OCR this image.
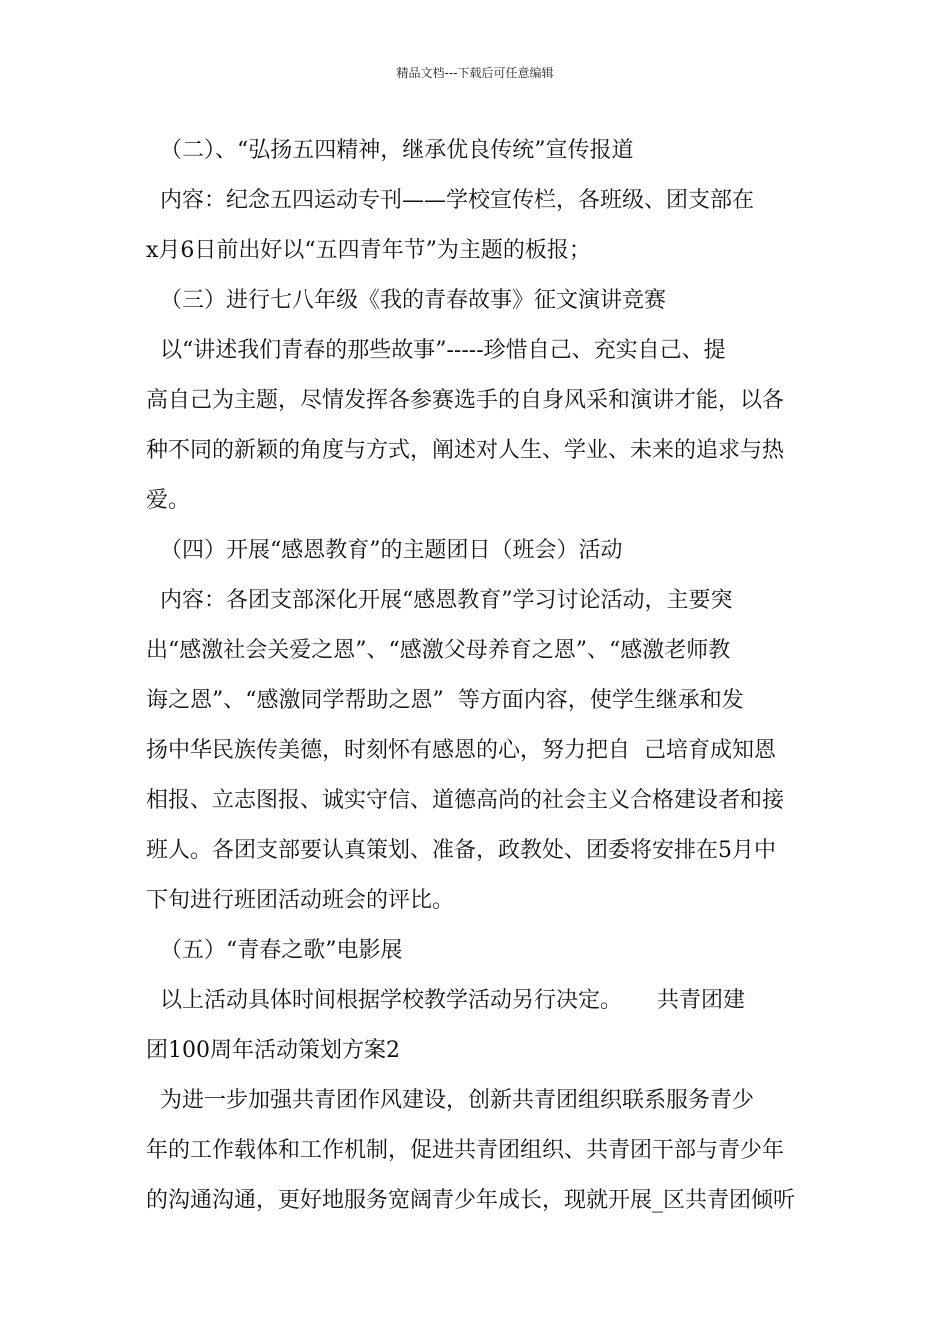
精品文档---下载后可任意编辑
（二）、“弘扬五四精神，继承优良传统”宣传报道
内容：纪念五四运动专刊——学校宣传栏，各班级、团支部在
x月6日前出好以“五四青年节”为主题的板报；
（三）进行七八年级《我的青春故事》征文演讲竞赛
以“讲述我们青春的那些故事”-----珍惜自己、充实自己、提
高自己为主题，尽情发挥各参赛选手的自身风采和演讲才能，以各
种不同的新颖的角度与方式，阐述对人生、学业、未来的追求与热
爱。
（四）开展“感恩教育”的主题团日（班会）活动
内容：各团支部深化开展“感恩教育”学习讨论活动，主要突
出“感激社会关爱之恩”、“感激父母养育之恩”、“感激老师教
诲之恩”、“感激同学帮助之恩”  等方面内容，使学生继承和发
扬中华民族传美德，时刻怀有感恩的心，努力把自  己培育成知恩
相报、立志图报、诚实守信、道德高尚的社会主义合格建设者和接
班人。各团支部要认真策划、准备，政教处、团委将安排在5月中
下旬进行班团活动班会的评比。
（五）“青春之歌”电影展
以上活动具体时间根据学校教学活动另行决定。     共青团建
团100周年活动策划方案2
为进一步加强共青团作风建设，创新共青团组织联系服务青少
年的工作载体和工作机制，促进共青团组织、共青团干部与青少年
的沟通沟通，更好地服务宽阔青少年成长，现就开展_区共青团倾听
